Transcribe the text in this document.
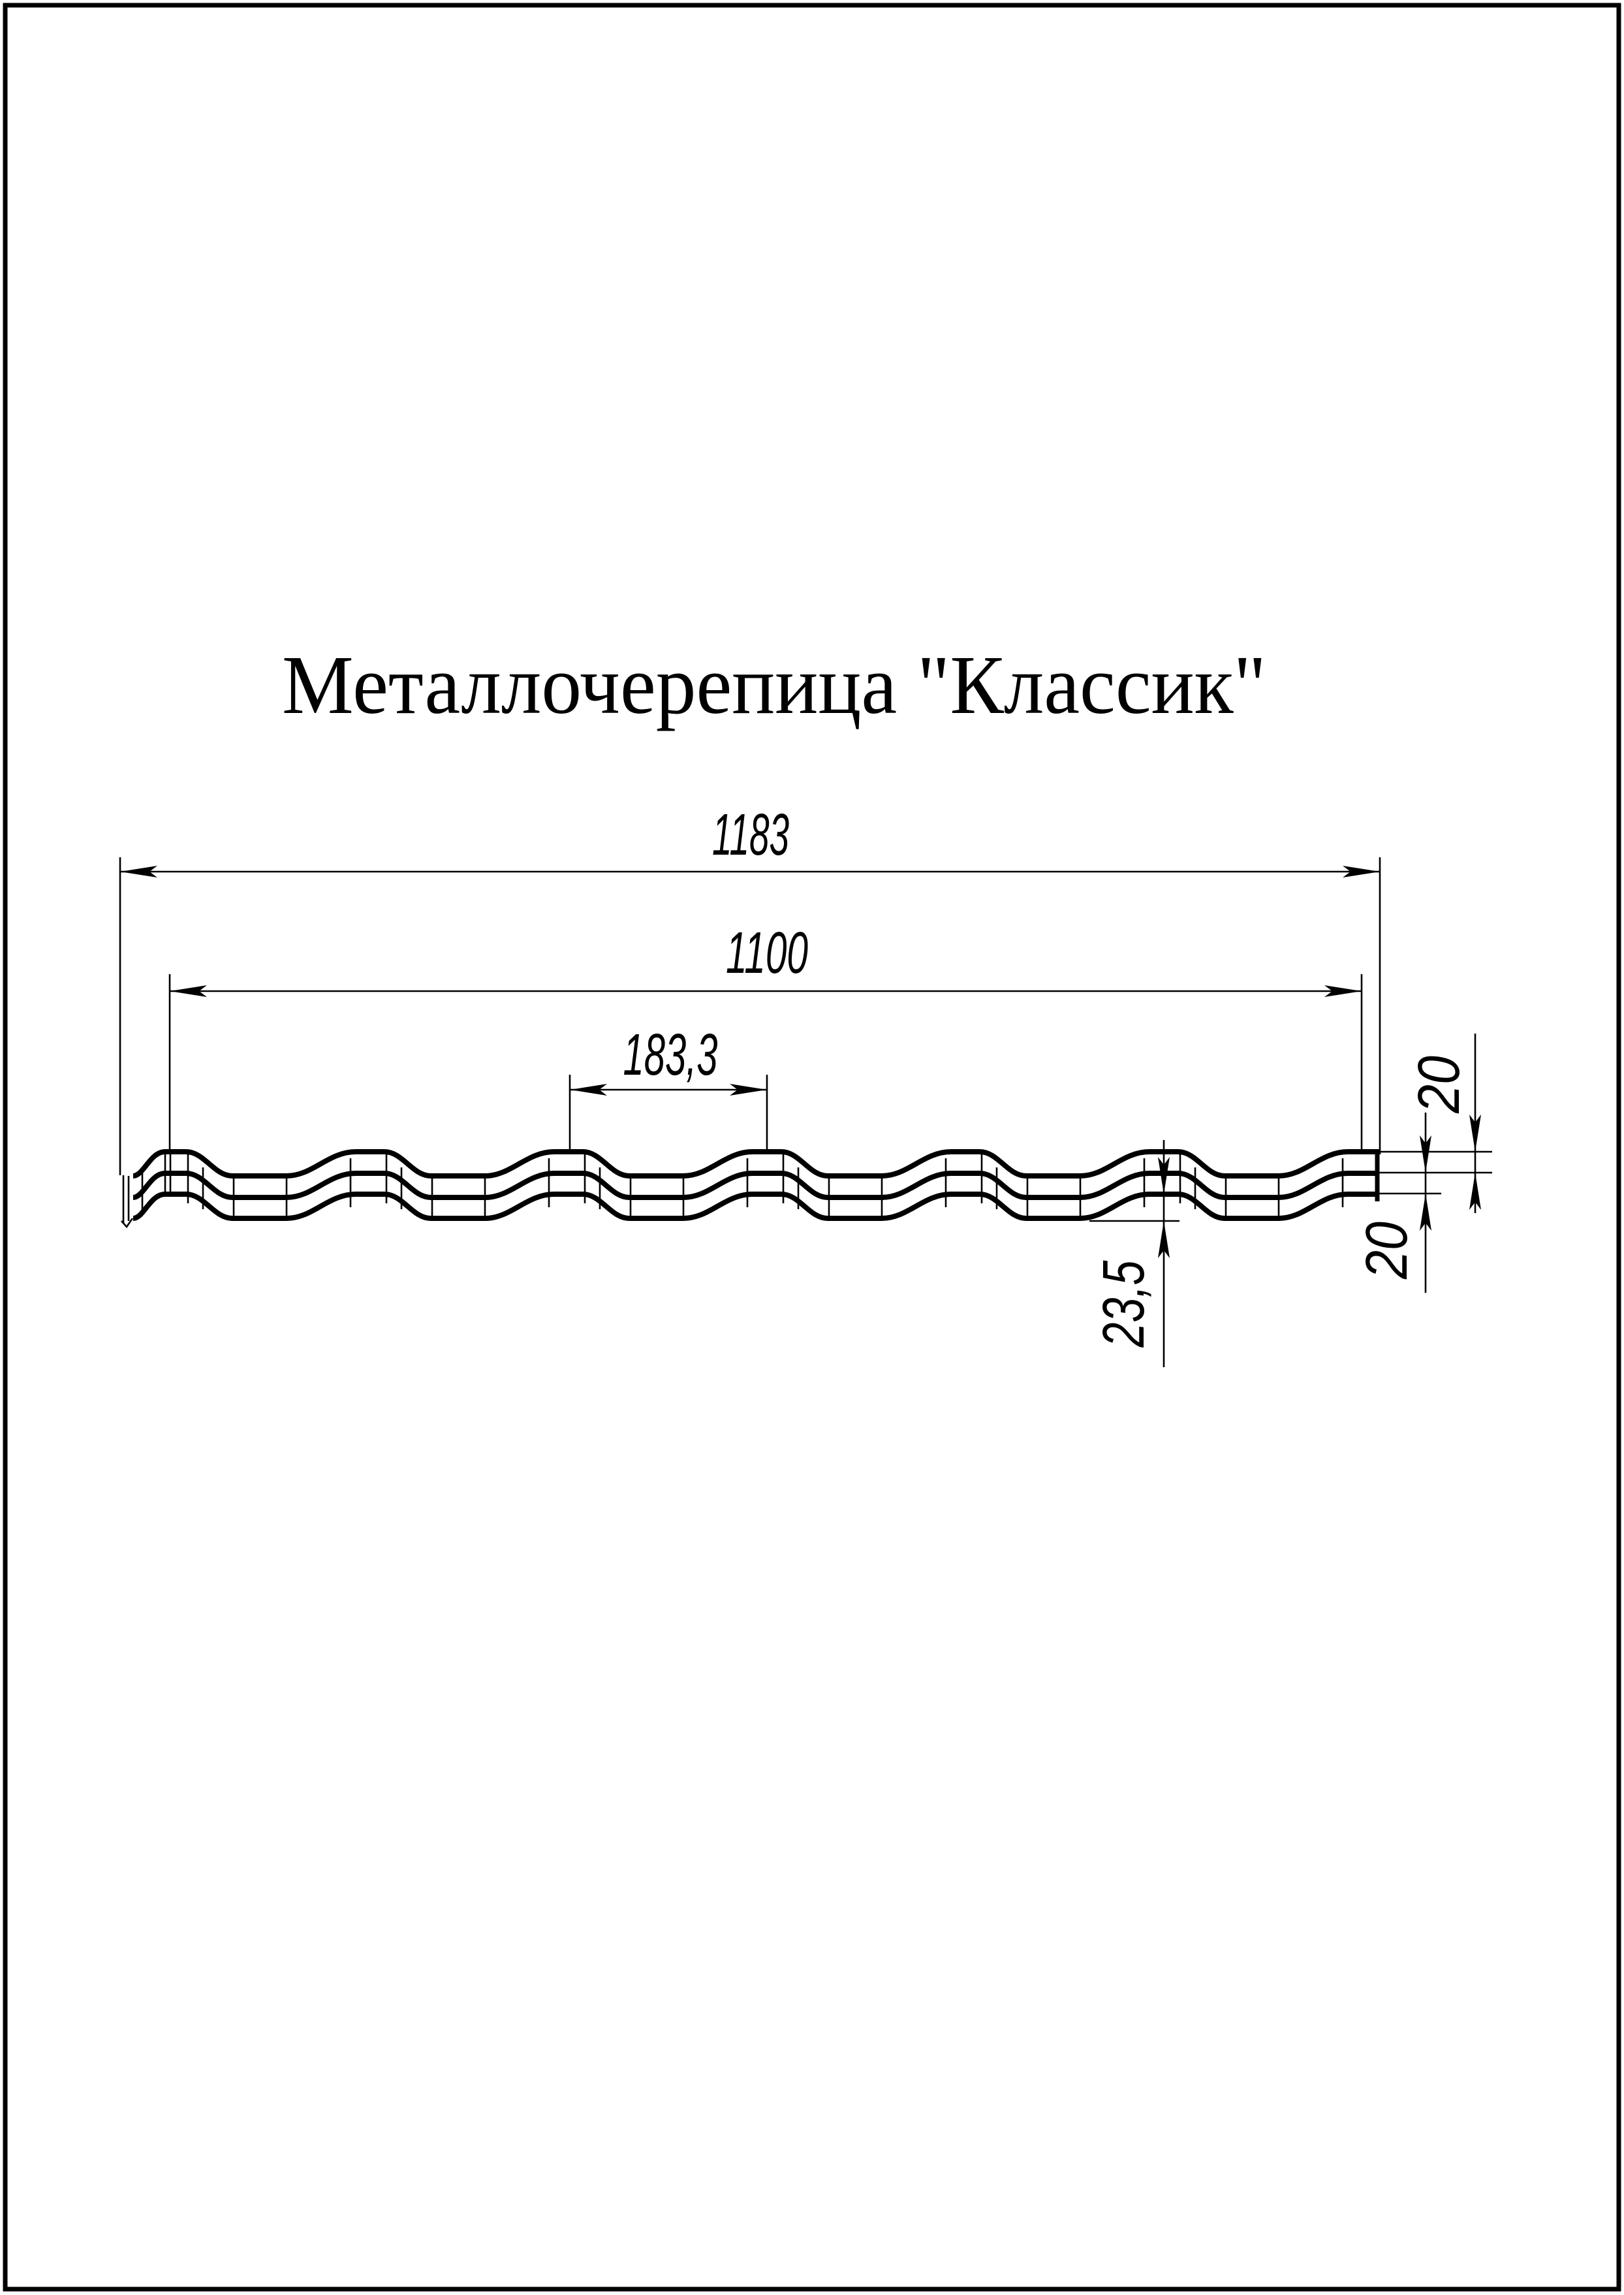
Металлочерепица "Классик"
1183
1100
183,3
23,5
20
20
